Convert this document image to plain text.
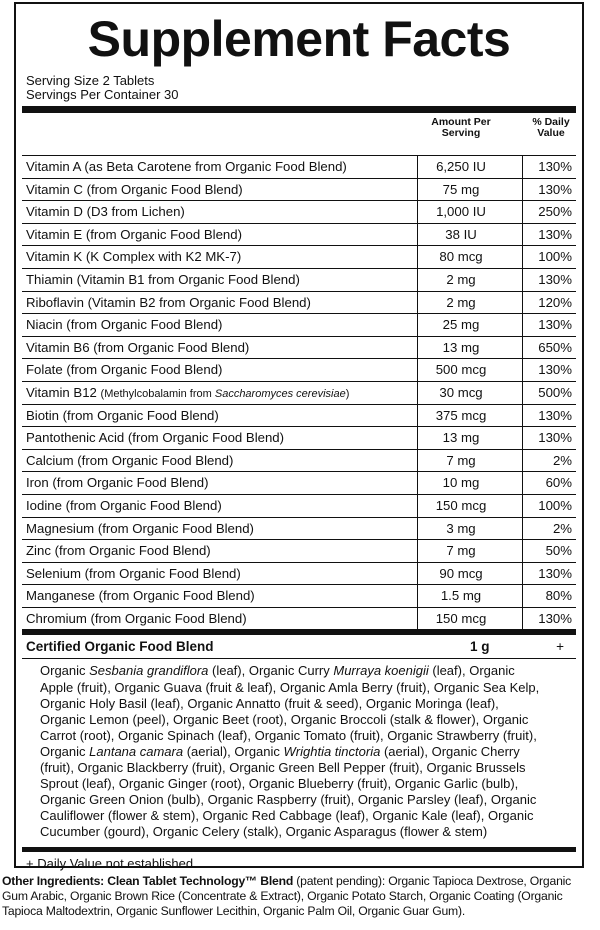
Supplement Facts
Serving Size 2 Tablets
Servings Per Container 30
Amount Per
Serving
% Daily
Value
Vitamin A (as Beta Carotene from Organic Food Blend)	6,250 IU	130%
Vitamin C (from Organic Food Blend)	75 mg	130%
Vitamin D (D3 from Lichen)	1,000 IU	250%
Vitamin E (from Organic Food Blend)	38 IU	130%
Vitamin K (K Complex with K2 MK-7)	80 mcg	100%
Thiamin (Vitamin B1 from Organic Food Blend)	2 mg	130%
Riboflavin (Vitamin B2 from Organic Food Blend)	2 mg	120%
Niacin (from Organic Food Blend)	25 mg	130%
Vitamin B6 (from Organic Food Blend)	13 mg	650%
Folate (from Organic Food Blend)	500 mcg	130%
Vitamin B12 (Methylcobalamin from Saccharomyces cerevisiae)	30 mcg	500%
Biotin (from Organic Food Blend)	375 mcg	130%
Pantothenic Acid (from Organic Food Blend)	13 mg	130%
Calcium (from Organic Food Blend)	7 mg	2%
Iron (from Organic Food Blend)	10 mg	60%
Iodine (from Organic Food Blend)	150 mcg	100%
Magnesium (from Organic Food Blend)	3 mg	2%
Zinc (from Organic Food Blend)	7 mg	50%
Selenium (from Organic Food Blend)	90 mcg	130%
Manganese (from Organic Food Blend)	1.5 mg	80%
Chromium (from Organic Food Blend)	150 mcg	130%
Certified Organic Food Blend	1 g	+
Organic Sesbania grandiflora (leaf), Organic Curry Murraya koenigii (leaf), Organic Apple (fruit), Organic Guava (fruit & leaf), Organic Amla Berry (fruit), Organic Sea Kelp, Organic Holy Basil (leaf), Organic Annatto (fruit & seed), Organic Moringa (leaf), Organic Lemon (peel), Organic Beet (root), Organic Broccoli (stalk & flower), Organic Carrot (root), Organic Spinach (leaf), Organic Tomato (fruit), Organic Strawberry (fruit), Organic Lantana camara (aerial), Organic Wrightia tinctoria (aerial), Organic Cherry (fruit), Organic Blackberry (fruit), Organic Green Bell Pepper (fruit), Organic Brussels Sprout (leaf), Organic Ginger (root), Organic Blueberry (fruit), Organic Garlic (bulb), Organic Green Onion (bulb), Organic Raspberry (fruit), Organic Parsley (leaf), Organic Cauliflower (flower & stem), Organic Red Cabbage (leaf), Organic Kale (leaf), Organic Cucumber (gourd), Organic Celery (stalk), Organic Asparagus (flower & stem)
+ Daily Value not established.
Other Ingredients: Clean Tablet Technology™ Blend (patent pending): Organic Tapioca Dextrose, Organic Gum Arabic, Organic Brown Rice (Concentrate & Extract), Organic Potato Starch, Organic Coating (Organic Tapioca Maltodextrin, Organic Sunflower Lecithin, Organic Palm Oil, Organic Guar Gum).
